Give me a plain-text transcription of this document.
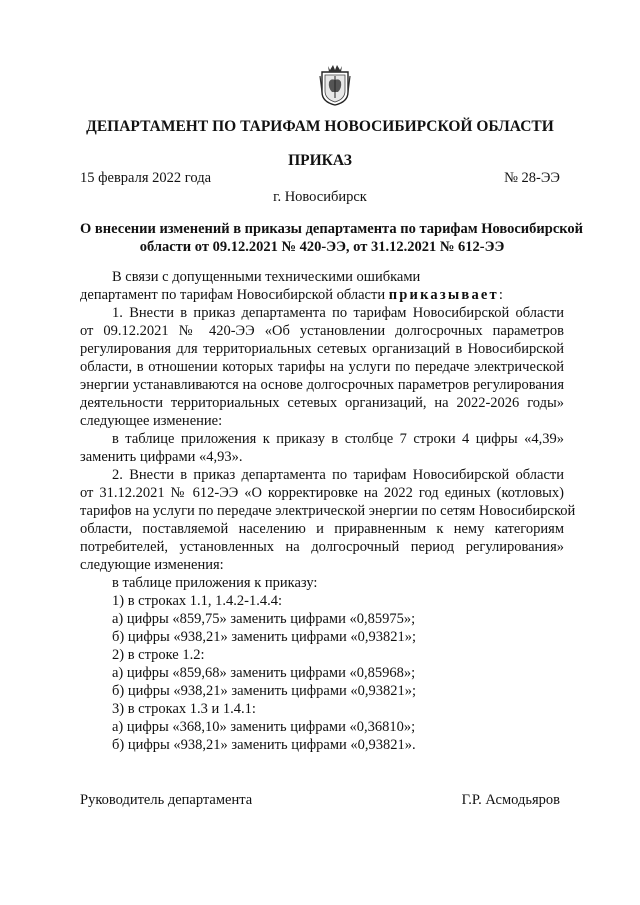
ДЕПАРТАМЕНТ ПО ТАРИФАМ НОВОСИБИРСКОЙ ОБЛАСТИ
ПРИКАЗ
15 февраля 2022 года	№ 28-ЭЭ
г. Новосибирск
О внесении изменений в приказы департамента по тарифам Новосибирской
области от 09.12.2021 № 420-ЭЭ, от 31.12.2021 № 612-ЭЭ
В связи с допущенными техническими ошибками
департамент по тарифам Новосибирской области приказывает:
1. Внести в приказ департамента по тарифам Новосибирской области
от 09.12.2021 № 420-ЭЭ «Об установлении долгосрочных параметров
регулирования для территориальных сетевых организаций в Новосибирской
области, в отношении которых тарифы на услуги по передаче электрической
энергии устанавливаются на основе долгосрочных параметров регулирования
деятельности территориальных сетевых организаций, на 2022-2026 годы»
следующее изменение:
в таблице приложения к приказу в столбце 7 строки 4 цифры «4,39»
заменить цифрами «4,93».
2. Внести в приказ департамента по тарифам Новосибирской области
от 31.12.2021 № 612-ЭЭ «О корректировке на 2022 год единых (котловых)
тарифов на услуги по передаче электрической энергии по сетям Новосибирской
области, поставляемой населению и приравненным к нему категориям
потребителей, установленных на долгосрочный период регулирования»
следующие изменения:
в таблице приложения к приказу:
1) в строках 1.1, 1.4.2-1.4.4:
а) цифры «859,75» заменить цифрами «0,85975»;
б) цифры «938,21» заменить цифрами «0,93821»;
2) в строке 1.2:
а) цифры «859,68» заменить цифрами «0,85968»;
б) цифры «938,21» заменить цифрами «0,93821»;
3) в строках 1.3 и 1.4.1:
а) цифры «368,10» заменить цифрами «0,36810»;
б) цифры «938,21» заменить цифрами «0,93821».
Руководитель департамента	Г.Р. Асмодьяров
